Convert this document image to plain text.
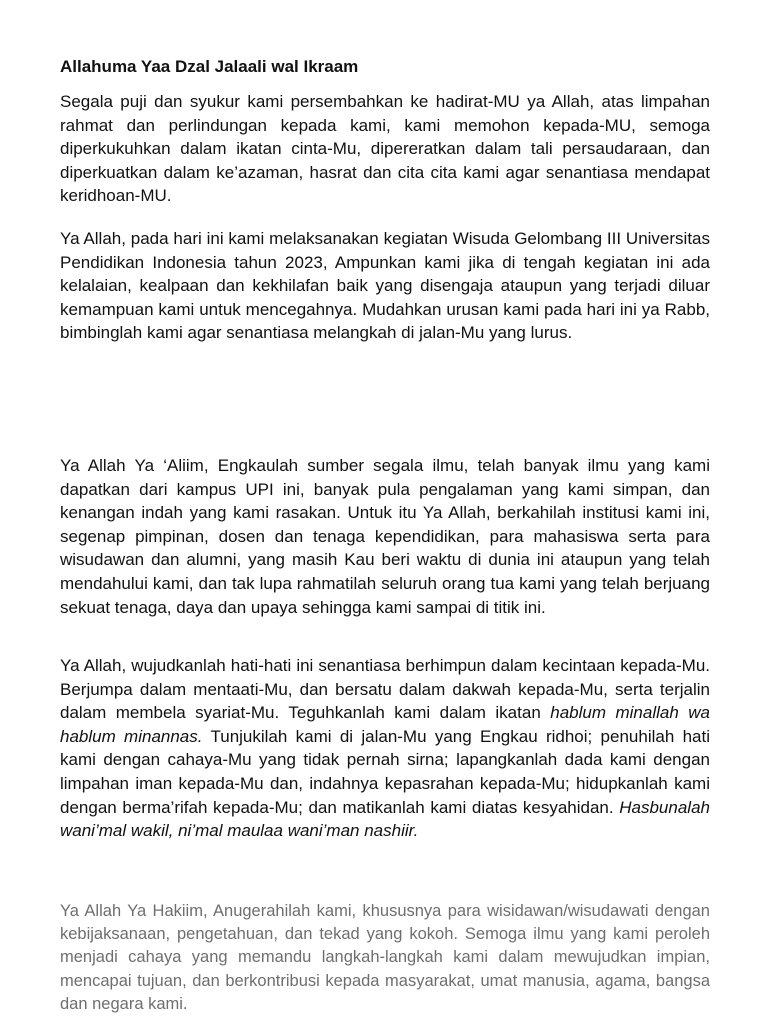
Allahuma Yaa Dzal Jalaali wal Ikraam

Segala puji dan syukur kami persembahkan ke hadirat-MU ya Allah, atas limpahan rahmat dan perlindungan kepada kami, kami memohon kepada-MU, semoga diperkukuhkan dalam ikatan cinta-Mu, dipereratkan dalam tali persaudaraan, dan diperkuatkan dalam ke’azaman, hasrat dan cita cita kami agar senantiasa mendapat keridhoan-MU.

Ya Allah, pada hari ini kami melaksanakan kegiatan Wisuda Gelombang III Universitas Pendidikan Indonesia tahun 2023, Ampunkan kami jika di tengah kegiatan ini ada kelalaian, kealpaan dan kekhilafan baik yang disengaja ataupun yang terjadi diluar kemampuan kami untuk mencegahnya. Mudahkan urusan kami pada hari ini ya Rabb, bimbinglah kami agar senantiasa melangkah di jalan-Mu yang lurus.

Ya Allah Ya ‘Aliim, Engkaulah sumber segala ilmu, telah banyak ilmu yang kami dapatkan dari kampus UPI ini, banyak pula pengalaman yang kami simpan, dan kenangan indah yang kami rasakan. Untuk itu Ya Allah, berkahilah institusi kami ini, segenap pimpinan, dosen dan tenaga kependidikan, para mahasiswa serta para wisudawan dan alumni, yang masih Kau beri waktu di dunia ini ataupun yang telah mendahului kami, dan tak lupa rahmatilah seluruh orang tua kami yang telah berjuang sekuat tenaga, daya dan upaya sehingga kami sampai di titik ini.

Ya Allah, wujudkanlah hati-hati ini senantiasa berhimpun dalam kecintaan kepada-Mu. Berjumpa dalam mentaati-Mu, dan bersatu dalam dakwah kepada-Mu, serta terjalin dalam membela syariat-Mu. Teguhkanlah kami dalam ikatan hablum minallah wa hablum minannas. Tunjukilah kami di jalan-Mu yang Engkau ridhoi; penuhilah hati kami dengan cahaya-Mu yang tidak pernah sirna; lapangkanlah dada kami dengan limpahan iman kepada-Mu dan, indahnya kepasrahan kepada-Mu; hidupkanlah kami dengan berma’rifah kepada-Mu; dan matikanlah kami diatas kesyahidan. Hasbunalah wani’mal wakil, ni’mal maulaa wani’man nashiir.

Ya Allah Ya Hakiim, Anugerahilah kami, khususnya para wisidawan/wisudawati dengan kebijaksanaan, pengetahuan, dan tekad yang kokoh. Semoga ilmu yang kami peroleh menjadi cahaya yang memandu langkah-langkah kami dalam mewujudkan impian, mencapai tujuan, dan berkontribusi kepada masyarakat, umat manusia, agama, bangsa dan negara kami.
